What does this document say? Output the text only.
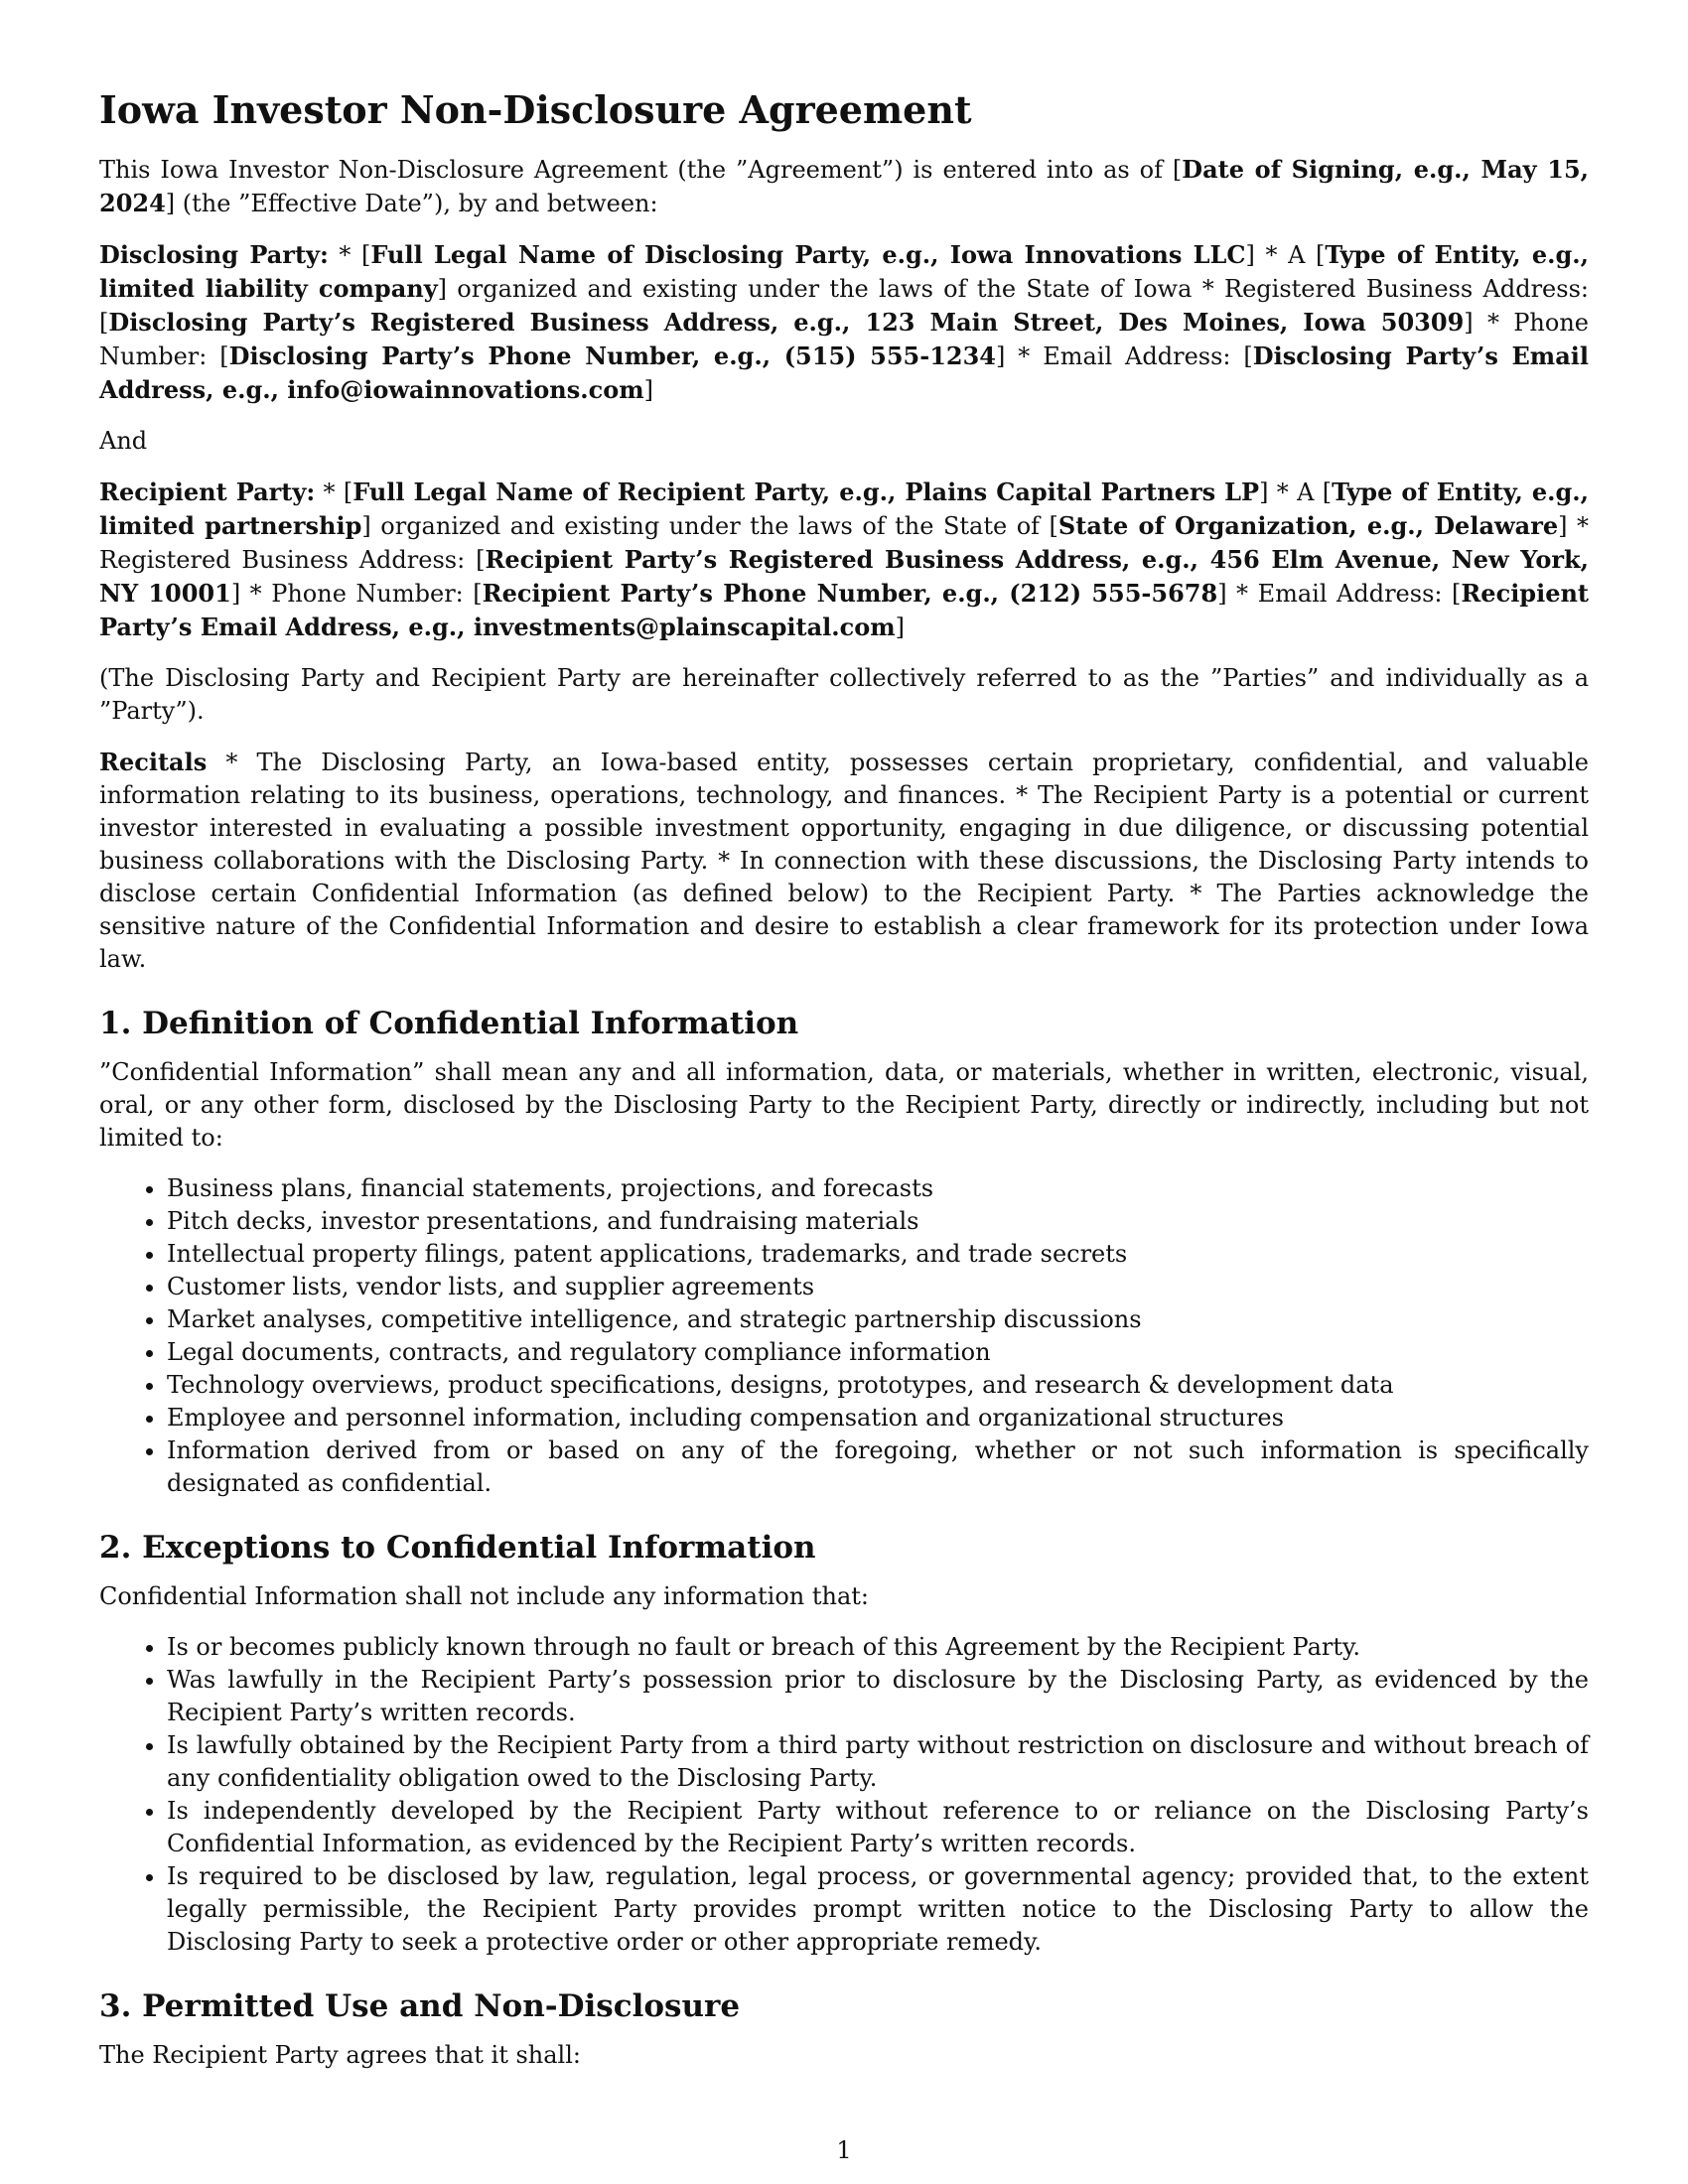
Iowa Investor Non-Disclosure Agreement

This Iowa Investor Non-Disclosure Agreement (the ”Agreement”) is entered into as of [Date of Signing, e.g., May 15, 2024] (the ”Effective Date”), by and between:

Disclosing Party: * [Full Legal Name of Disclosing Party, e.g., Iowa Innovations LLC] * A [Type of Entity, e.g., limited liability company] organized and existing under the laws of the State of Iowa * Registered Business Address: [Disclosing Party’s Registered Business Address, e.g., 123 Main Street, Des Moines, Iowa 50309] * Phone Number: [Disclosing Party’s Phone Number, e.g., (515) 555-1234] * Email Address: [Disclosing Party’s Email Address, e.g., info@iowainnovations.com]

And

Recipient Party: * [Full Legal Name of Recipient Party, e.g., Plains Capital Partners LP] * A [Type of Entity, e.g., limited partnership] organized and existing under the laws of the State of [State of Organization, e.g., Delaware] * Registered Business Address: [Recipient Party’s Registered Business Address, e.g., 456 Elm Avenue, New York, NY 10001] * Phone Number: [Recipient Party’s Phone Number, e.g., (212) 555-5678] * Email Address: [Recipient Party’s Email Address, e.g., investments@plainscapital.com]

(The Disclosing Party and Recipient Party are hereinafter collectively referred to as the ”Parties” and individually as a ”Party”).

Recitals * The Disclosing Party, an Iowa-based entity, possesses certain proprietary, confidential, and valuable information relating to its business, operations, technology, and finances. * The Recipient Party is a potential or current investor interested in evaluating a possible investment opportunity, engaging in due diligence, or discussing potential business collaborations with the Disclosing Party. * In connection with these discussions, the Disclosing Party intends to disclose certain Confidential Information (as defined below) to the Recipient Party. * The Parties acknowledge the sensitive nature of the Confidential Information and desire to establish a clear framework for its protection under Iowa law.

1. Definition of Confidential Information

”Confidential Information” shall mean any and all information, data, or materials, whether in written, electronic, visual, oral, or any other form, disclosed by the Disclosing Party to the Recipient Party, directly or indirectly, including but not limited to:

• Business plans, financial statements, projections, and forecasts
• Pitch decks, investor presentations, and fundraising materials
• Intellectual property filings, patent applications, trademarks, and trade secrets
• Customer lists, vendor lists, and supplier agreements
• Market analyses, competitive intelligence, and strategic partnership discussions
• Legal documents, contracts, and regulatory compliance information
• Technology overviews, product specifications, designs, prototypes, and research & development data
• Employee and personnel information, including compensation and organizational structures
• Information derived from or based on any of the foregoing, whether or not such information is specifically designated as confidential.
2. Exceptions to Confidential Information

Confidential Information shall not include any information that:

• Is or becomes publicly known through no fault or breach of this Agreement by the Recipient Party.
• Was lawfully in the Recipient Party’s possession prior to disclosure by the Disclosing Party, as evidenced by the Recipient Party’s written records.
• Is lawfully obtained by the Recipient Party from a third party without restriction on disclosure and without breach of any confidentiality obligation owed to the Disclosing Party.
• Is independently developed by the Recipient Party without reference to or reliance on the Disclosing Party’s Confidential Information, as evidenced by the Recipient Party’s written records.
• Is required to be disclosed by law, regulation, legal process, or governmental agency; provided that, to the extent legally permissible, the Recipient Party provides prompt written notice to the Disclosing Party to allow the Disclosing Party to seek a protective order or other appropriate remedy.
3. Permitted Use and Non-Disclosure

The Recipient Party agrees that it shall:

1
